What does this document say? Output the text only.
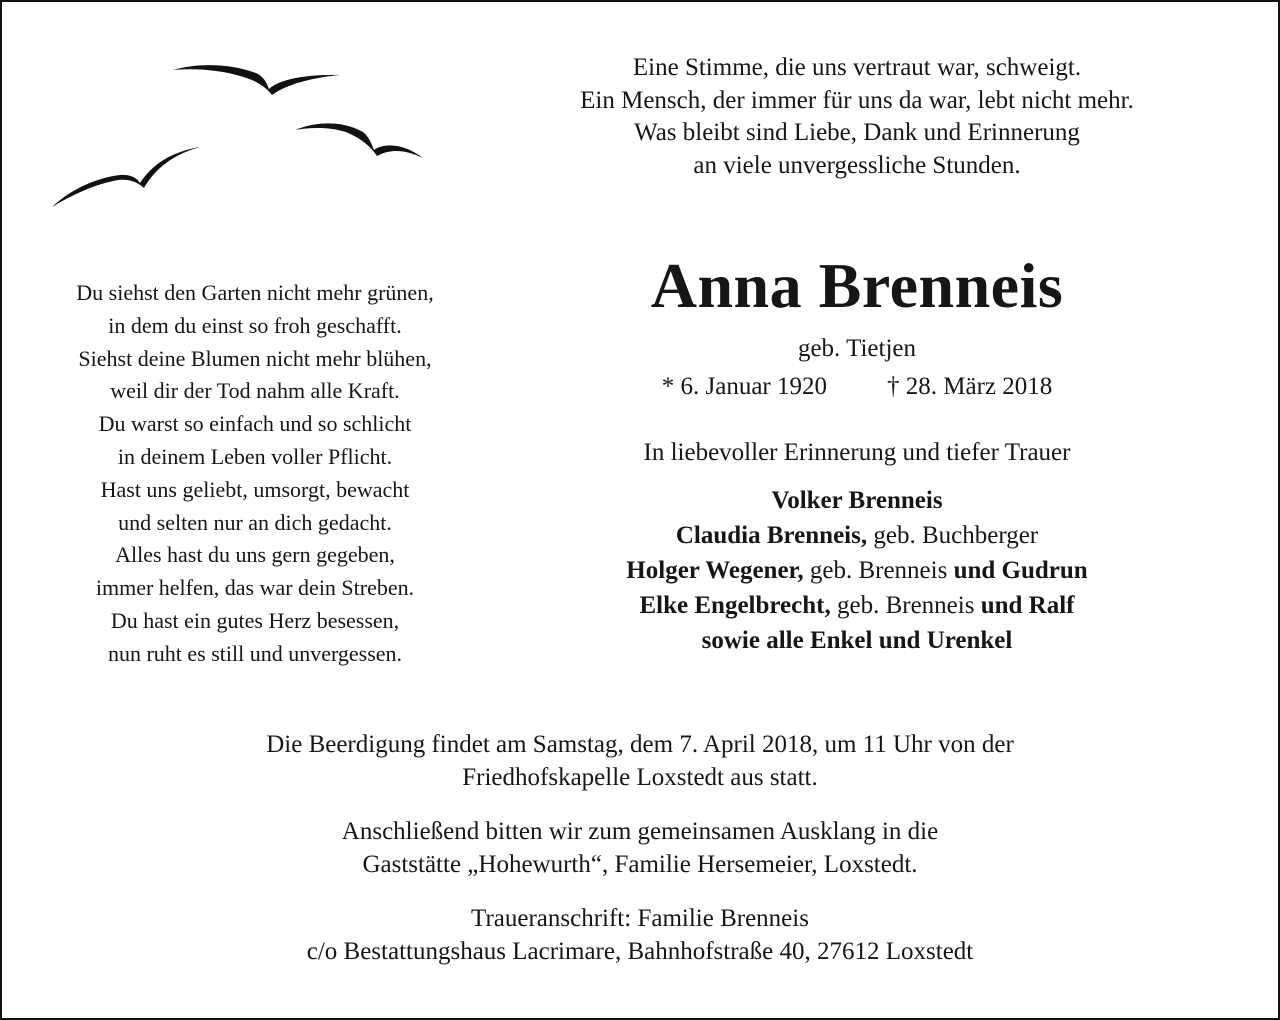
Eine Stimme, die uns vertraut war, schweigt.
Ein Mensch, der immer für uns da war, lebt nicht mehr.
Was bleibt sind Liebe, Dank und Erinnerung
an viele unvergessliche Stunden.
Du siehst den Garten nicht mehr grünen,
in dem du einst so froh geschafft.
Siehst deine Blumen nicht mehr blühen,
weil dir der Tod nahm alle Kraft.
Du warst so einfach und so schlicht
in deinem Leben voller Pflicht.
Hast uns geliebt, umsorgt, bewacht
und selten nur an dich gedacht.
Alles hast du uns gern gegeben,
immer helfen, das war dein Streben.
Du hast ein gutes Herz besessen,
nun ruht es still und unvergessen.
Anna Brenneis
geb. Tietjen
* 6. Januar 1920 † 28. März 2018
In liebevoller Erinnerung und tiefer Trauer
Volker Brenneis
Claudia Brenneis, geb. Buchberger
Holger Wegener, geb. Brenneis und Gudrun
Elke Engelbrecht, geb. Brenneis und Ralf
sowie alle Enkel und Urenkel
Die Beerdigung findet am Samstag, dem 7. April 2018, um 11 Uhr von der
Friedhofskapelle Loxstedt aus statt.
Anschließend bitten wir zum gemeinsamen Ausklang in die
Gaststätte „Hohewurth“, Familie Hersemeier, Loxstedt.
Traueranschrift: Familie Brenneis
c/o Bestattungshaus Lacrimare, Bahnhofstraße 40, 27612 Loxstedt
